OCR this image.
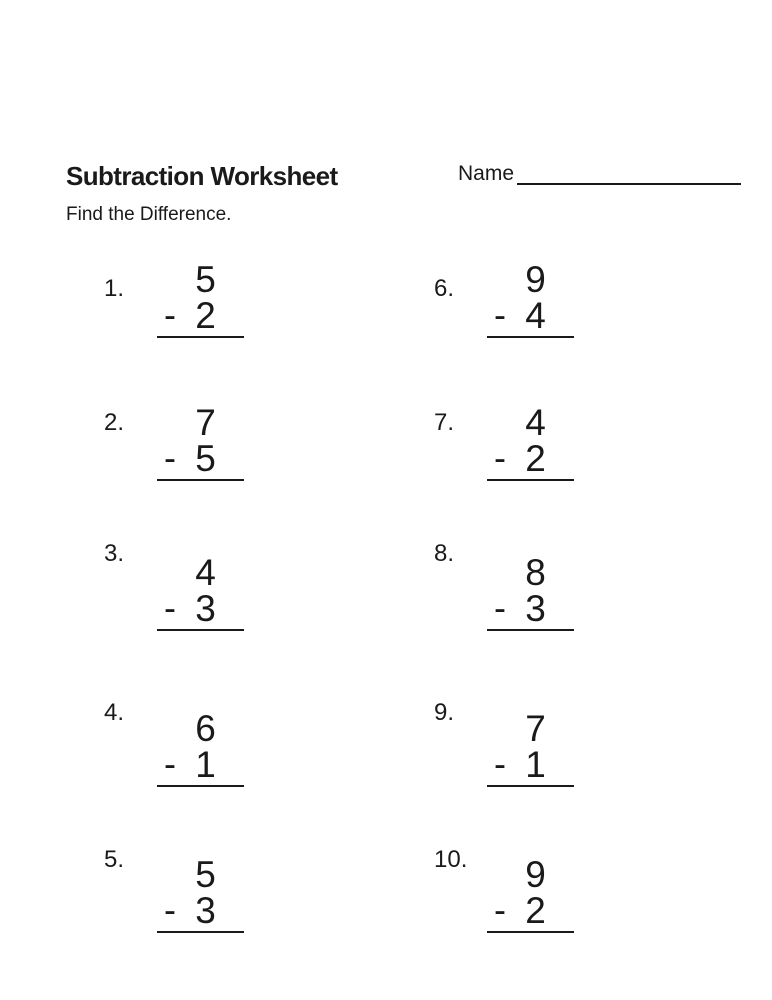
Subtraction Worksheet
Find the Difference.
Name
1.	5
- 2
2.	7
- 5
3.	4
- 3
4.	6
- 1
5.	5
- 3
6.	9
- 4
7.	4
- 2
8.	8
- 3
9.	7
- 1
10.	9
- 2
